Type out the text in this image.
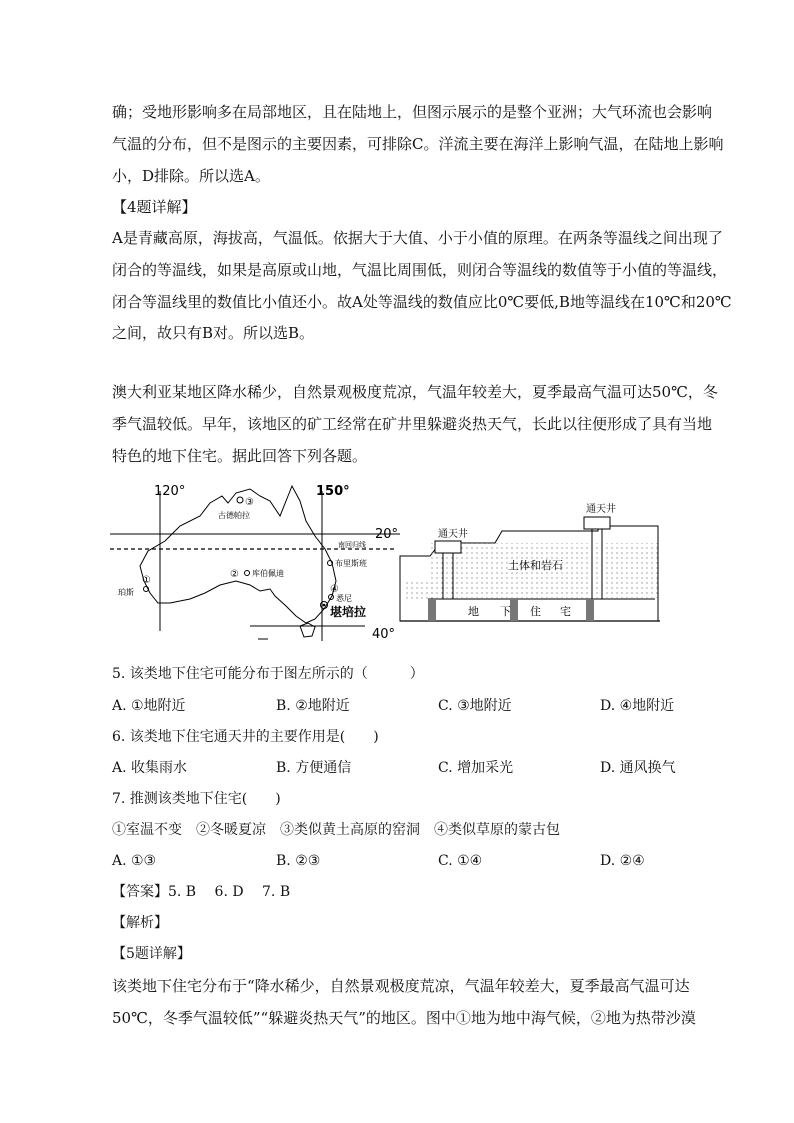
确；受地形影响多在局部地区，且在陆地上，但图示展示的是整个亚洲；大气环流也会影响
气温的分布，但不是图示的主要因素，可排除C。洋流主要在海洋上影响气温，在陆地上影响
小，D排除。所以选A。
【4题详解】
A是青藏高原，海拔高，气温低。依据大于大值、小于小值的原理。在两条等温线之间出现了
闭合的等温线，如果是高原或山地，气温比周围低，则闭合等温线的数值等于小值的等温线，
闭合等温线里的数值比小值还小。故A处等温线的数值应比0℃要低,B地等温线在10℃和20℃
之间，故只有B对。所以选B。
澳大利亚某地区降水稀少，自然景观极度荒凉，气温年较差大，夏季最高气温可达50℃，冬
季气温较低。早年，该地区的矿工经常在矿井里躲避炎热天气，长此以往便形成了具有当地
特色的地下住宅。据此回答下列各题。
120°	150°
20°
40°
③
古德帕拉
南回归线
布里斯班
② 库伯佩迪
①
珀斯	④
悉尼
堪培拉
通天井
通天井
土体和岩石
地 下 住 宅
5. 该类地下住宅可能分布于图左所示的（　　　）
A. ①地附近	B. ②地附近	C. ③地附近	D. ④地附近
6. 该类地下住宅通天井的主要作用是(　　)
A. 收集雨水	B. 方便通信	C. 增加采光	D. 通风换气
7. 推测该类地下住宅(　　)
①室温不变　②冬暖夏凉　③类似黄土高原的窑洞　④类似草原的蒙古包
A. ①③	B. ②③	C. ①④	D. ②④
【答案】5. B　 6. D　 7. B
【解析】
【5题详解】
该类地下住宅分布于“降水稀少，自然景观极度荒凉，气温年较差大，夏季最高气温可达
50℃，冬季气温较低”“躲避炎热天气”的地区。图中①地为地中海气候，②地为热带沙漠
